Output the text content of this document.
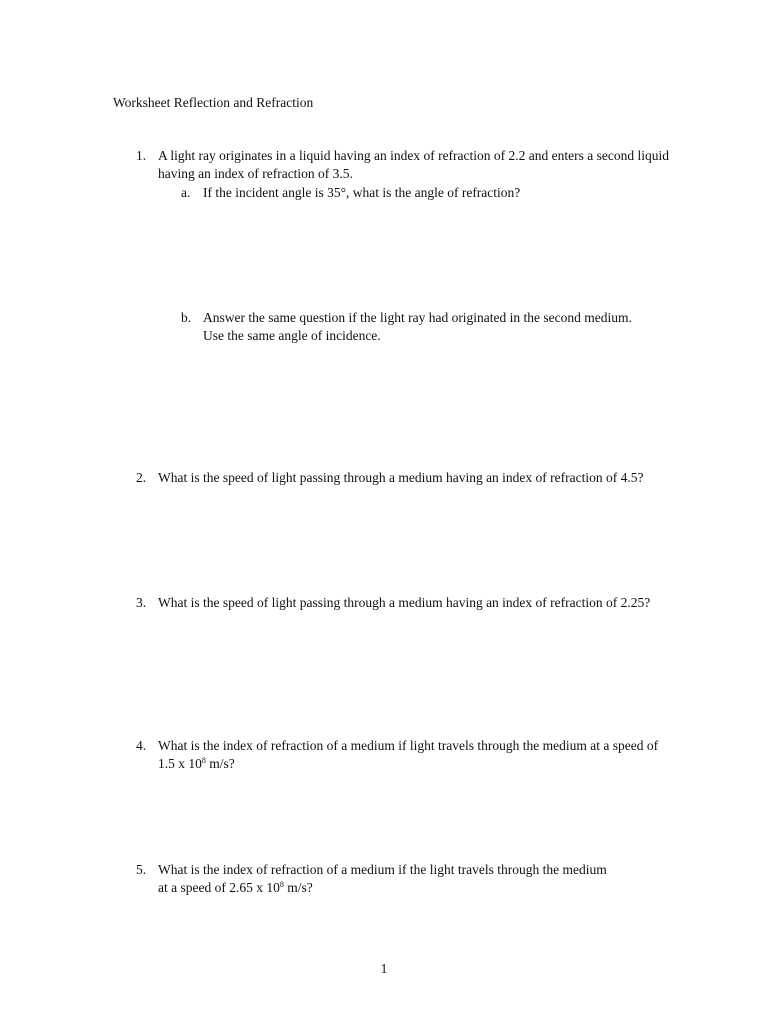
Worksheet Reflection and Refraction
1. A light ray originates in a liquid having an index of refraction of 2.2 and enters a second liquid having an index of refraction of 3.5.
a. If the incident angle is 35°, what is the angle of refraction?
b. Answer the same question if the light ray had originated in the second medium. Use the same angle of incidence.
2. What is the speed of light passing through a medium having an index of refraction of 4.5?
3. What is the speed of light passing through a medium having an index of refraction of 2.25?
4. What is the index of refraction of a medium if light travels through the medium at a speed of 1.5 x $10^8$ m/s?
5. What is the index of refraction of a medium if the light travels through the medium at a speed of 2.65 x $10^8$ m/s?
1
